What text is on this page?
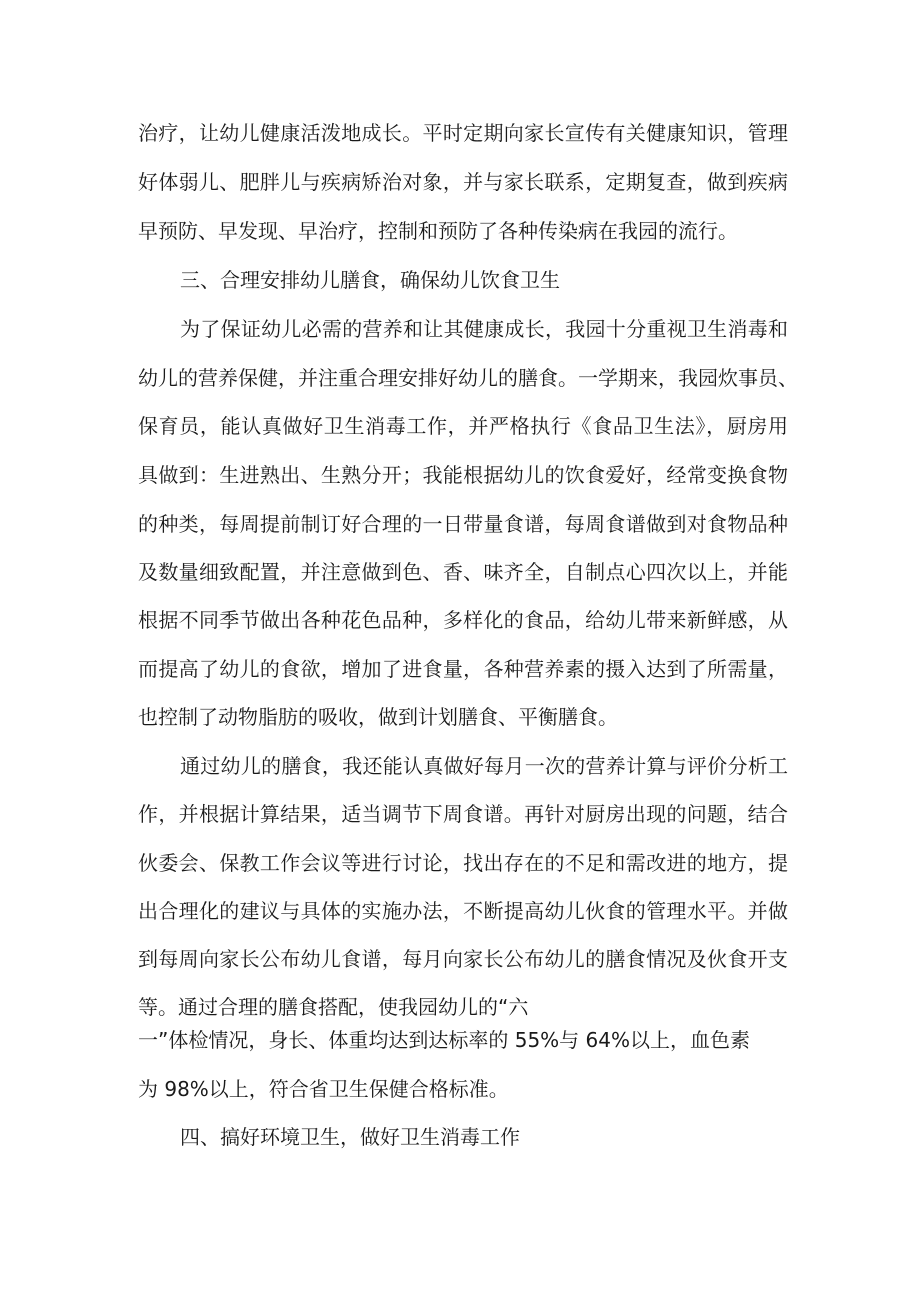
治疗，让幼儿健康活泼地成长。平时定期向家长宣传有关健康知识，管理
好体弱儿、肥胖儿与疾病矫治对象，并与家长联系，定期复查，做到疾病
早预防、早发现、早治疗，控制和预防了各种传染病在我园的流行。
三、合理安排幼儿膳食，确保幼儿饮食卫生
为了保证幼儿必需的营养和让其健康成长，我园十分重视卫生消毒和
幼儿的营养保健，并注重合理安排好幼儿的膳食。一学期来，我园炊事员、
保育员，能认真做好卫生消毒工作，并严格执行《食品卫生法》，厨房用
具做到：生进熟出、生熟分开；我能根据幼儿的饮食爱好，经常变换食物
的种类，每周提前制订好合理的一日带量食谱，每周食谱做到对食物品种
及数量细致配置，并注意做到色、香、味齐全，自制点心四次以上，并能
根据不同季节做出各种花色品种，多样化的食品，给幼儿带来新鲜感，从
而提高了幼儿的食欲，增加了进食量，各种营养素的摄入达到了所需量，
也控制了动物脂肪的吸收，做到计划膳食、平衡膳食。
通过幼儿的膳食，我还能认真做好每月一次的营养计算与评价分析工
作，并根据计算结果，适当调节下周食谱。再针对厨房出现的问题，结合
伙委会、保教工作会议等进行讨论，找出存在的不足和需改进的地方，提
出合理化的建议与具体的实施办法，不断提高幼儿伙食的管理水平。并做
到每周向家长公布幼儿食谱，每月向家长公布幼儿的膳食情况及伙食开支
等。通过合理的膳食搭配，使我园幼儿的“六
一”体检情况，身长、体重均达到达标率的 55%与 64%以上，血色素
为 98%以上，符合省卫生保健合格标准。
四、搞好环境卫生，做好卫生消毒工作
